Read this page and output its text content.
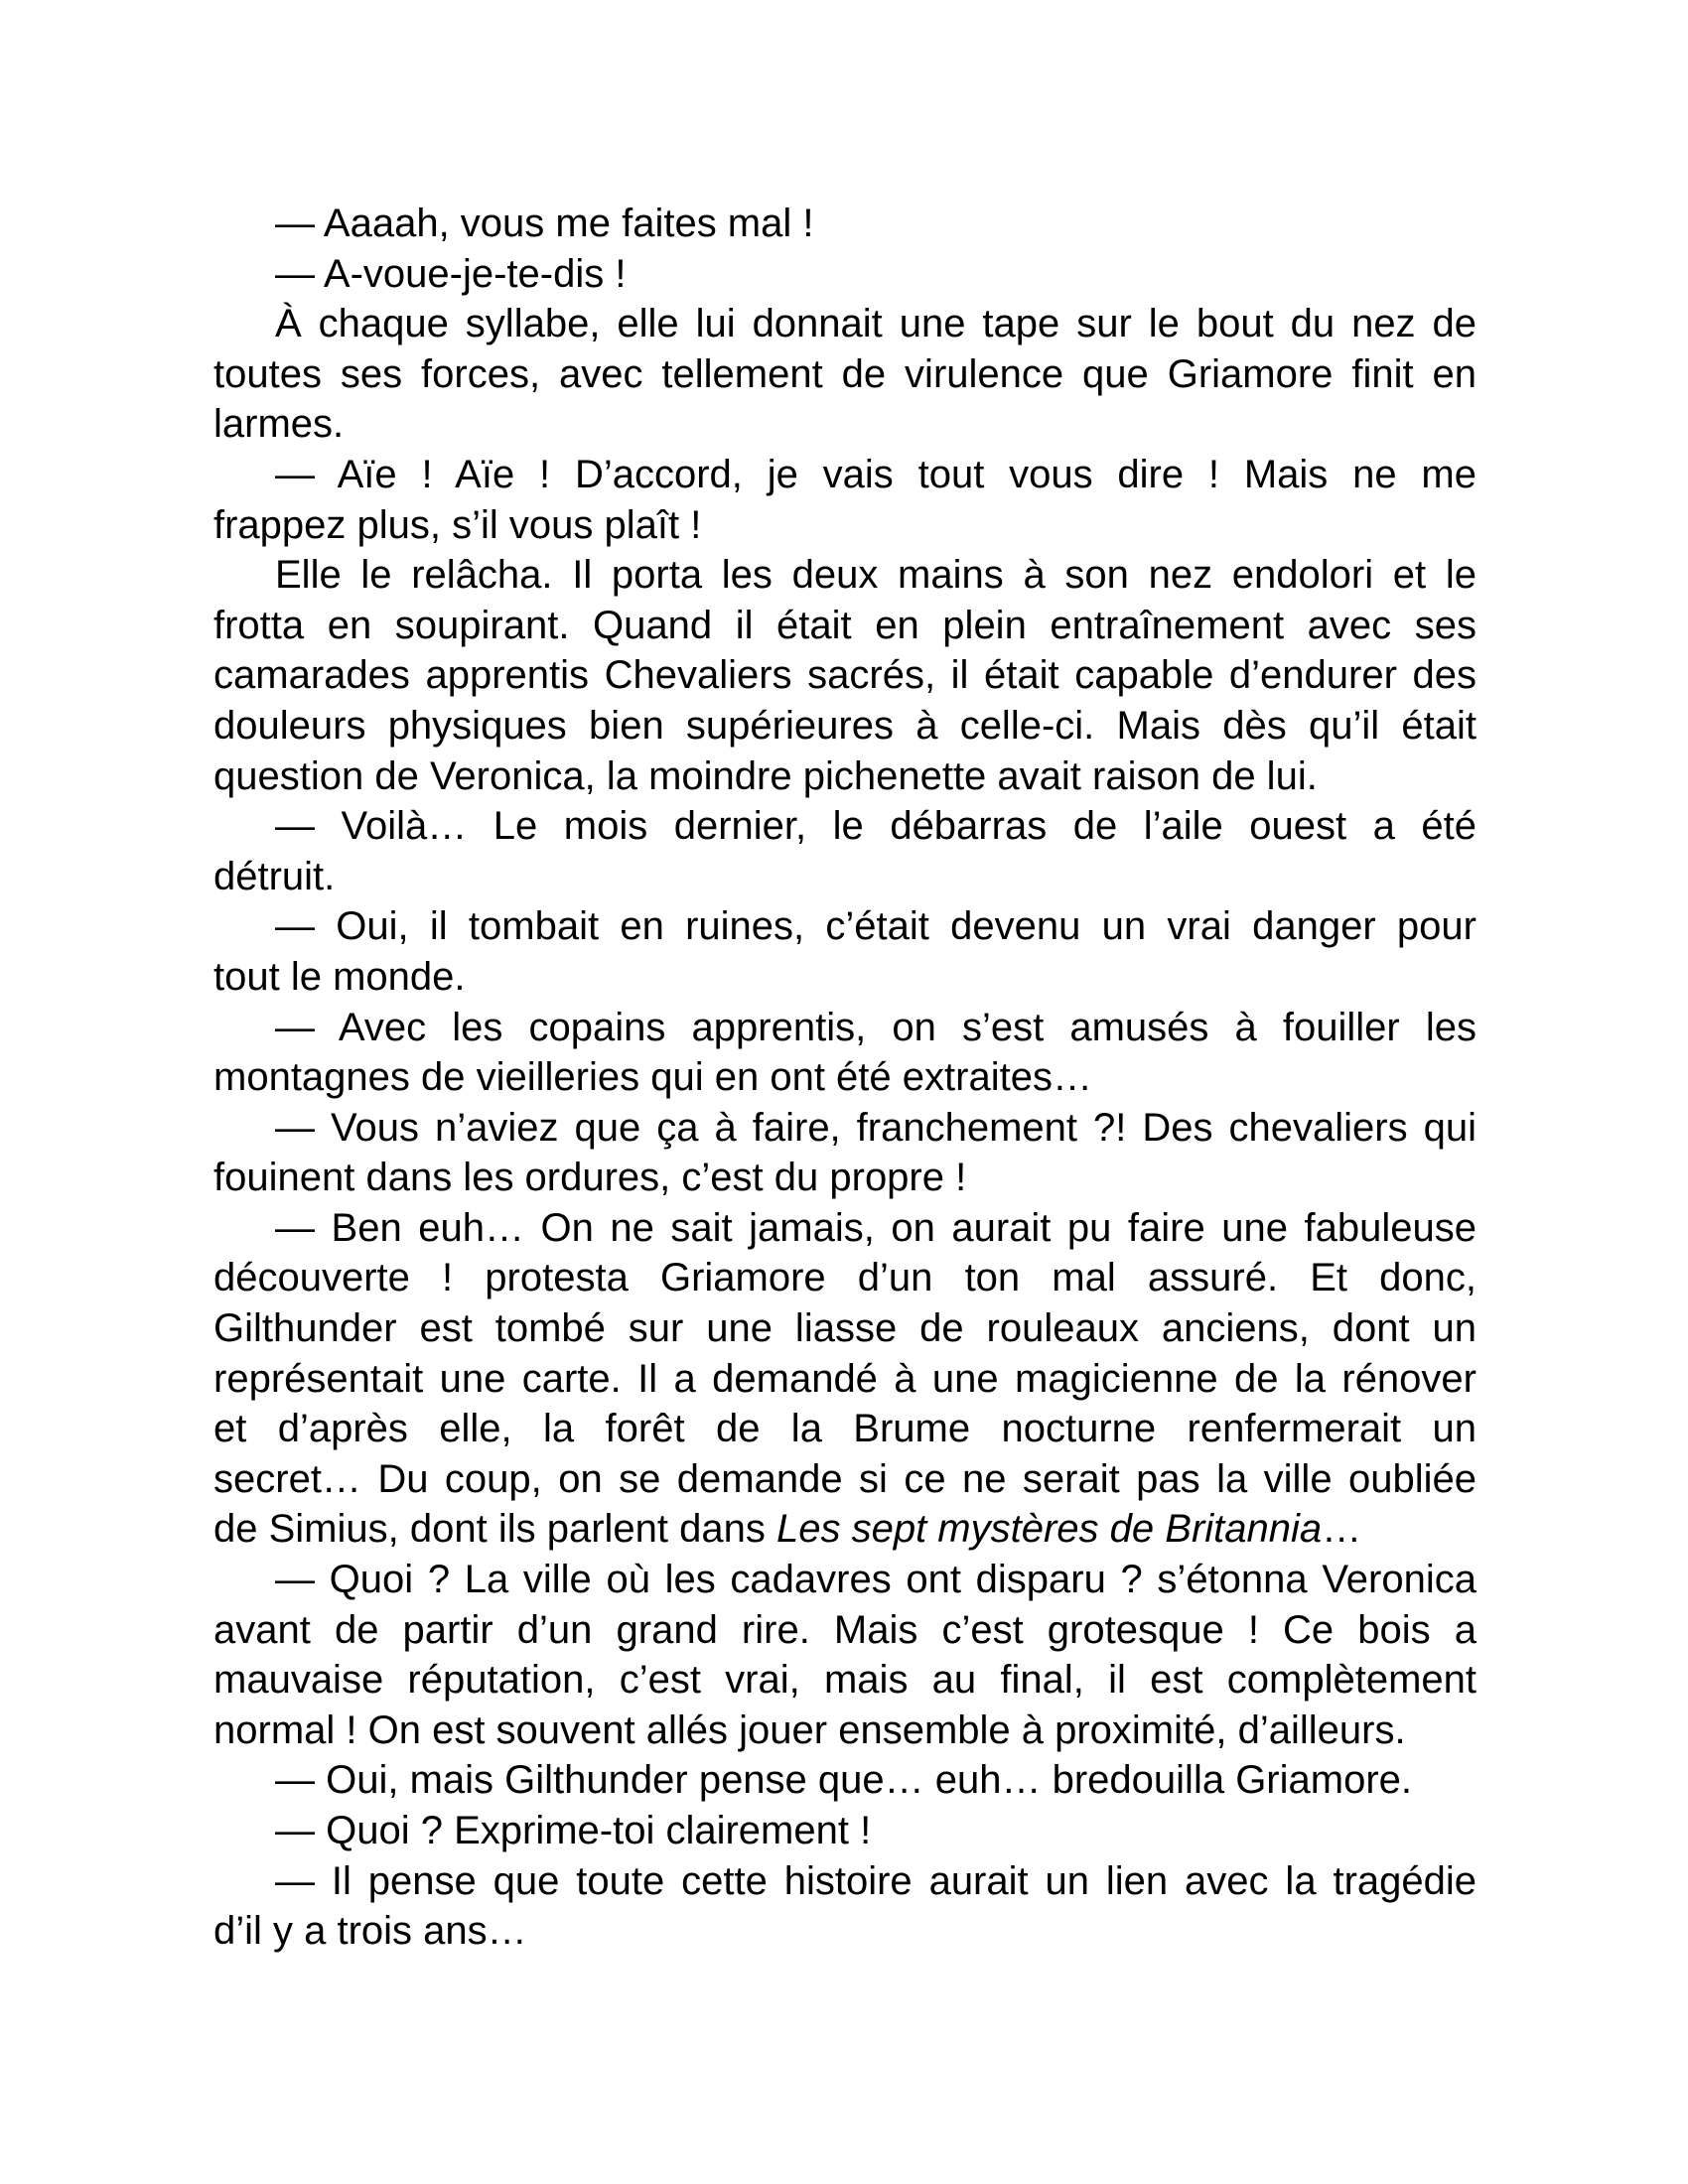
— Aaaah, vous me faites mal !
— A-voue-je-te-dis !
À chaque syllabe, elle lui donnait une tape sur le bout du nez de
toutes ses forces, avec tellement de virulence que Griamore finit en
larmes.
— Aïe ! Aïe ! D’accord, je vais tout vous dire ! Mais ne me
frappez plus, s’il vous plaît !
Elle le relâcha. Il porta les deux mains à son nez endolori et le
frotta en soupirant. Quand il était en plein entraînement avec ses
camarades apprentis Chevaliers sacrés, il était capable d’endurer des
douleurs physiques bien supérieures à celle-ci. Mais dès qu’il était
question de Veronica, la moindre pichenette avait raison de lui.
— Voilà… Le mois dernier, le débarras de l’aile ouest a été
détruit.
— Oui, il tombait en ruines, c’était devenu un vrai danger pour
tout le monde.
— Avec les copains apprentis, on s’est amusés à fouiller les
montagnes de vieilleries qui en ont été extraites…
— Vous n’aviez que ça à faire, franchement ?! Des chevaliers qui
fouinent dans les ordures, c’est du propre !
— Ben euh… On ne sait jamais, on aurait pu faire une fabuleuse
découverte ! protesta Griamore d’un ton mal assuré. Et donc,
Gilthunder est tombé sur une liasse de rouleaux anciens, dont un
représentait une carte. Il a demandé à une magicienne de la rénover
et d’après elle, la forêt de la Brume nocturne renfermerait un
secret… Du coup, on se demande si ce ne serait pas la ville oubliée
de Simius, dont ils parlent dans Les sept mystères de Britannia…
— Quoi ? La ville où les cadavres ont disparu ? s’étonna Veronica
avant de partir d’un grand rire. Mais c’est grotesque ! Ce bois a
mauvaise réputation, c’est vrai, mais au final, il est complètement
normal ! On est souvent allés jouer ensemble à proximité, d’ailleurs.
— Oui, mais Gilthunder pense que… euh… bredouilla Griamore.
— Quoi ? Exprime-toi clairement !
— Il pense que toute cette histoire aurait un lien avec la tragédie
d’il y a trois ans…
